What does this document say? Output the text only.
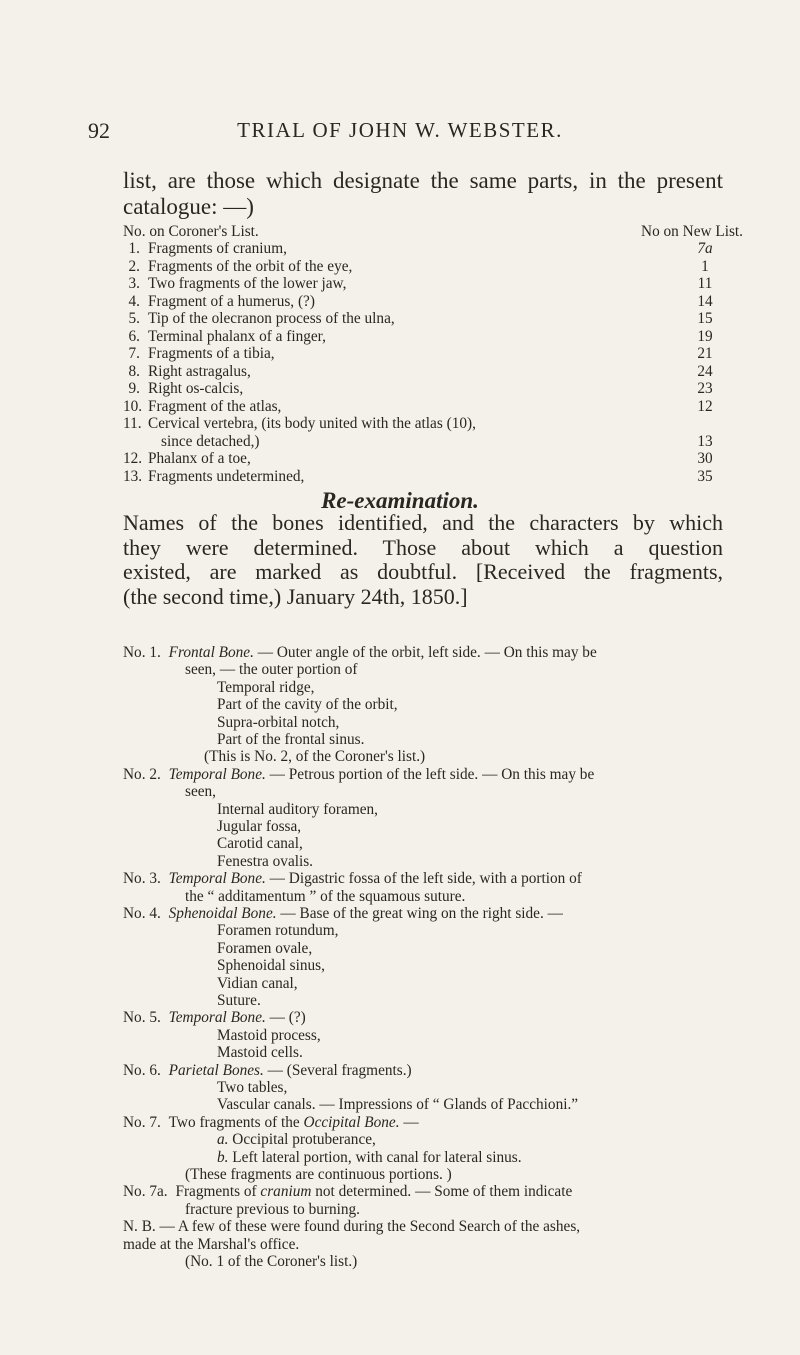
92	TRIAL OF JOHN W. WEBSTER.
list, are those which designate the same parts, in the present
catalogue: —)
No. on Coroner's List.	No on New List.
1. Fragments of cranium,	7a
2. Fragments of the orbit of the eye,	1
3. Two fragments of the lower jaw,	11
4. Fragment of a humerus, (?)	14
5. Tip of the olecranon process of the ulna,	15
6. Terminal phalanx of a finger,	19
7. Fragments of a tibia,	21
8. Right astragalus,	24
9. Right os-calcis,	23
10. Fragment of the atlas,	12
11. Cervical vertebra, (its body united with the atlas (10),
since detached,)	13
12. Phalanx of a toe,	30
13. Fragments undetermined,	35
Re-examination.
Names of the bones identified, and the characters by which
they were determined. Those about which a question
existed, are marked as doubtful. [Received the fragments,
(the second time,) January 24th, 1850.]
No. 1. Frontal Bone. — Outer angle of the orbit, left side. — On this may be
seen, — the outer portion of
Temporal ridge,
Part of the cavity of the orbit,
Supra-orbital notch,
Part of the frontal sinus.
(This is No. 2, of the Coroner's list.)
No. 2. Temporal Bone. — Petrous portion of the left side. — On this may be
seen,
Internal auditory foramen,
Jugular fossa,
Carotid canal,
Fenestra ovalis.
No. 3. Temporal Bone. — Digastric fossa of the left side, with a portion of
the “ additamentum ” of the squamous suture.
No. 4. Sphenoidal Bone. — Base of the great wing on the right side. —
Foramen rotundum,
Foramen ovale,
Sphenoidal sinus,
Vidian canal,
Suture.
No. 5. Temporal Bone. — (?)
Mastoid process,
Mastoid cells.
No. 6. Parietal Bones. — (Several fragments.)
Two tables,
Vascular canals. — Impressions of “ Glands of Pacchioni.”
No. 7. Two fragments of the Occipital Bone. —
a. Occipital protuberance,
b. Left lateral portion, with canal for lateral sinus.
(These fragments are continuous portions. )
No. 7a. Fragments of cranium not determined. — Some of them indicate
fracture previous to burning.
N. B. — A few of these were found during the Second Search of the ashes,
made at the Marshal's office.
(No. 1 of the Coroner's list.)
